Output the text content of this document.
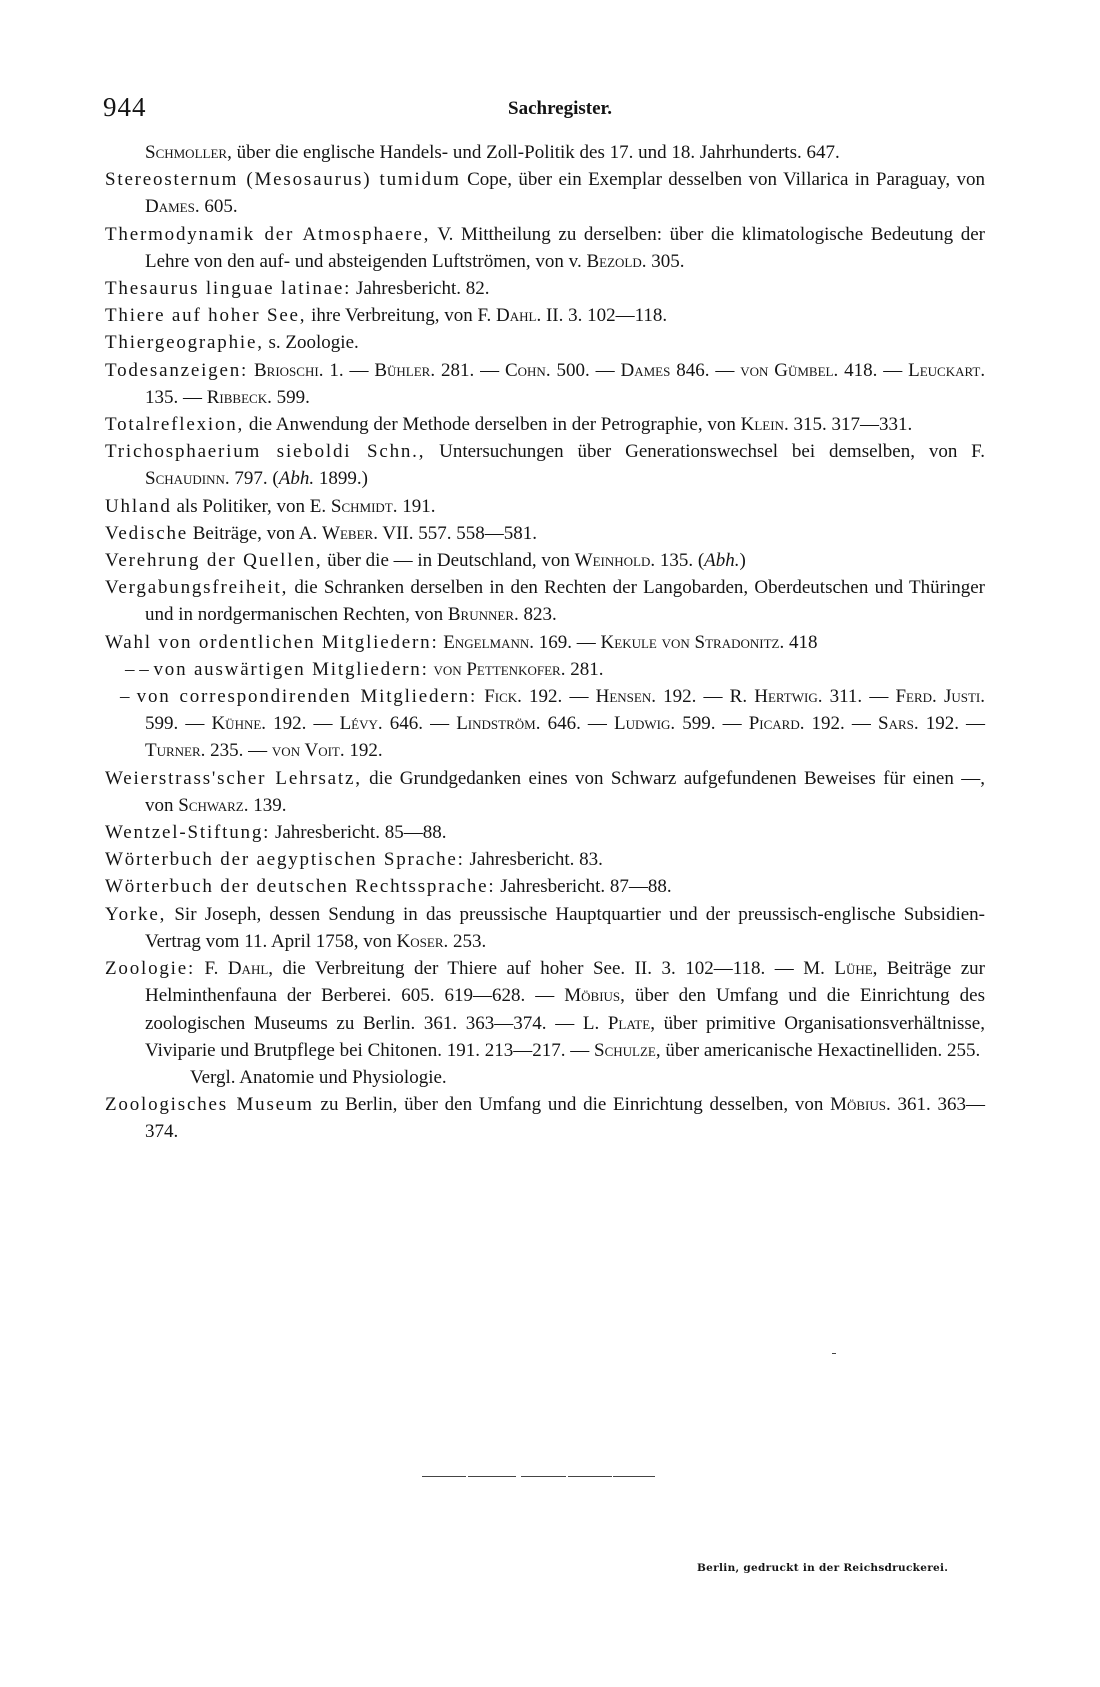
944	Sachregister.
Schmoller, über die englische Handels- und Zoll-Politik des 17. und 18. Jahrhunderts. 647.
Stereosternum (Mesosaurus) tumidum Cope, über ein Exemplar desselben von Villarica in Paraguay, von Dames. 605.
Thermodynamik der Atmosphaere, V. Mittheilung zu derselben: über die klimatologische Bedeutung der Lehre von den auf- und absteigenden Luftströmen, von v. Bezold. 305.
Thesaurus linguae latinae: Jahresbericht. 82.
Thiere auf hoher See, ihre Verbreitung, von F. Dahl. II. 3. 102—118.
Thiergeographie, s. Zoologie.
Todesanzeigen: Brioschi. 1. — Bühler. 281. — Cohn. 500. — Dames 846. — von Gümbel. 418. — Leuckart. 135. — Ribbeck. 599.
Totalreflexion, die Anwendung der Methode derselben in der Petrographie, von Klein. 315. 317—331.
Trichosphaerium sieboldi Schn., Untersuchungen über Generationswechsel bei demselben, von F. Schaudinn. 797. (Abh. 1899.)
Uhland als Politiker, von E. Schmidt. 191.
Vedische Beiträge, von A. Weber. VII. 557. 558—581.
Verehrung der Quellen, über die — in Deutschland, von Weinhold. 135. (Abh.)
Vergabungsfreiheit, die Schranken derselben in den Rechten der Langobarden, Oberdeutschen und Thüringer und in nordgermanischen Rechten, von Brunner. 823.
Wahl von ordentlichen Mitgliedern: Engelmann. 169. — Kekule von Stradonitz. 418
– – von auswärtigen Mitgliedern: von Pettenkofer. 281.
– von correspondirenden Mitgliedern: Fick. 192. — Hensen. 192. — R. Hertwig. 311. — Ferd. Justi. 599. — Kühne. 192. — Lévy. 646. — Lindström. 646. — Ludwig. 599. — Picard. 192. — Sars. 192. — Turner. 235. — von Voit. 192.
Weierstrass'scher Lehrsatz, die Grundgedanken eines von Schwarz aufgefundenen Beweises für einen —, von Schwarz. 139.
Wentzel-Stiftung: Jahresbericht. 85—88.
Wörterbuch der aegyptischen Sprache: Jahresbericht. 83.
Wörterbuch der deutschen Rechtssprache: Jahresbericht. 87—88.
Yorke, Sir Joseph, dessen Sendung in das preussische Hauptquartier und der preussisch-englische Subsidien-Vertrag vom 11. April 1758, von Koser. 253.
Zoologie: F. Dahl, die Verbreitung der Thiere auf hoher See. II. 3. 102—118. — M. Lühe, Beiträge zur Helminthenfauna der Berberei. 605. 619—628. — Möbius, über den Umfang und die Einrichtung des zoologischen Museums zu Berlin. 361. 363—374. — L. Plate, über primitive Organisationsverhältnisse, Viviparie und Brutpflege bei Chitonen. 191. 213—217. — Schulze, über americanische Hexactinelliden. 255.
Vergl. Anatomie und Physiologie.
Zoologisches Museum zu Berlin, über den Umfang und die Einrichtung desselben, von Möbius. 361. 363—374.
Berlin, gedruckt in der Reichsdruckerei.
